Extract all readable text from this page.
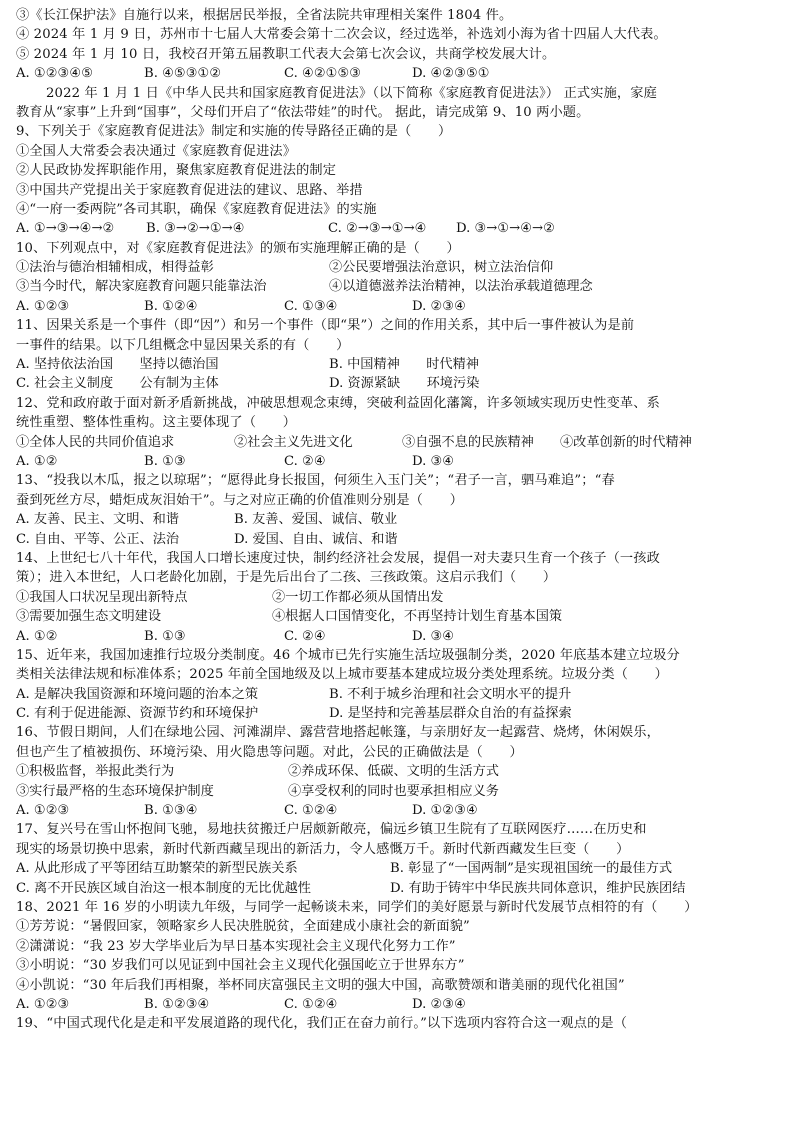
③《长江保护法》自施行以来，根据居民举报，全省法院共审理相关案件 1804 件。
④ 2024 年 1 月 9 日，苏州市十七届人大常委会第十二次会议，经过选举，补选刘小海为省十四届人大代表。
⑤ 2024 年 1 月 10 日，我校召开第五届教职工代表大会第七次会议，共商学校发展大计。
A. ①②③④⑤	B. ④⑤③①②	C. ④②①⑤③	D. ④②③⑤①
2022 年 1 月 1 日《中华人民共和国家庭教育促进法》（以下简称《家庭教育促进法》） 正式实施，家庭
教育从“家事”上升到“国事”，父母们开启了“依法带娃”的时代。 据此，请完成第 9、10 两小题。
9、下列关于《家庭教育促进法》制定和实施的传导路径正确的是（　　）
①全国人大常委会表决通过《家庭教育促进法》
②人民政协发挥职能作用，聚焦家庭教育促进法的制定
③中国共产党提出关于家庭教育促进法的建议、思路、举措
④“一府一委两院”各司其职，确保《家庭教育促进法》的实施
A. ①→③→④→②	B. ③→②→①→④	C. ②→③→①→④	D. ③→①→④→②
10、下列观点中，对《家庭教育促进法》的颁布实施理解正确的是（　　）
①法治与德治相辅相成，相得益彰	②公民要增强法治意识，树立法治信仰
③当今时代，解决家庭教育问题只能靠法治	④以道德滋养法治精神，以法治承载道德理念
A. ①②③	B. ①②④	C. ①③④	D. ②③④
11、因果关系是一个事件（即“因”）和另一个事件（即“果”）之间的作用关系，其中后一事件被认为是前
一事件的结果。以下几组概念中显因果关系的有（　　）
A. 坚持依法治国　　坚持以德治国	B. 中国精神　　时代精神
C. 社会主义制度　　公有制为主体	D. 资源紧缺　　环境污染
12、党和政府敢于面对新矛盾新挑战，冲破思想观念束缚，突破利益固化藩篱，许多领域实现历史性变革、系
统性重塑、整体性重构。这主要体现了（　　）
①全体人民的共同价值追求	②社会主义先进文化	③自强不息的民族精神	④改革创新的时代精神
A. ①②	B. ①③	C. ②④	D. ③④
13、“投我以木瓜，报之以琼琚”；“愿得此身长报国，何须生入玉门关”；“君子一言，驷马难追”；“春
蚕到死丝方尽，蜡炬成灰泪始干”。与之对应正确的价值准则分别是（　　）
A. 友善、民主、文明、和谐	B. 友善、爱国、诚信、敬业
C. 自由、平等、公正、法治	D. 爱国、自由、诚信、和谐
14、上世纪七八十年代，我国人口增长速度过快，制约经济社会发展，提倡一对夫妻只生育一个孩子（一孩政
策）；进入本世纪，人口老龄化加剧，于是先后出台了二孩、三孩政策。这启示我们（　　）
①我国人口状况呈现出新特点	②一切工作都必须从国情出发
③需要加强生态文明建设	④根据人口国情变化，不再坚持计划生育基本国策
A. ①②	B. ①③	C. ②④	D. ③④
15、近年来，我国加速推行垃圾分类制度。46 个城市已先行实施生活垃圾强制分类，2020 年底基本建立垃圾分
类相关法律法规和标准体系；2025 年前全国地级及以上城市要基本建成垃圾分类处理系统。垃圾分类（　　）
A. 是解决我国资源和环境问题的治本之策	B. 不利于城乡治理和社会文明水平的提升
C. 有利于促进能源、资源节约和环境保护	D. 是坚持和完善基层群众自治的有益探索
16、节假日期间，人们在绿地公园、河滩湖岸、露营营地搭起帐篷，与亲朋好友一起露营、烧烤，休闲娱乐，
但也产生了植被损伤、环境污染、用火隐患等问题。对此，公民的正确做法是（　　）
①积极监督，举报此类行为	②养成环保、低碳、文明的生活方式
③实行最严格的生态环境保护制度	④享受权利的同时也要承担相应义务
A. ①②③	B. ①③④	C. ①②④	D. ①②③④
17、复兴号在雪山怀抱间飞驰，易地扶贫搬迁户居颇新敞亮，偏远乡镇卫生院有了互联网医疗……在历史和
现实的场景切换中思索，新时代新西藏呈现出的新活力，令人感慨万千。新时代新西藏发生巨变（　　）
A. 从此形成了平等团结互助繁荣的新型民族关系	B. 彰显了“一国两制”是实现祖国统一的最佳方式
C. 离不开民族区域自治这一根本制度的无比优越性	D. 有助于铸牢中华民族共同体意识，维护民族团结
18、2021 年 16 岁的小明读九年级，与同学一起畅谈未来，同学们的美好愿景与新时代发展节点相符的有（　　）
①芳芳说：“暑假回家，领略家乡人民决胜脱贫，全面建成小康社会的新面貌”
②潇潇说：“我 23 岁大学毕业后为早日基本实现社会主义现代化努力工作”
③小明说：“30 岁我们可以见证到中国社会主义现代化强国屹立于世界东方”
④小凯说：“30 年后我们再相聚，举杯同庆富强民主文明的强大中国，高歌赞颂和谐美丽的现代化祖国”
A. ①②③	B. ①②③④	C. ①②④	D. ②③④
19、“中国式现代化是走和平发展道路的现代化，我们正在奋力前行。”以下选项内容符合这一观点的是（
